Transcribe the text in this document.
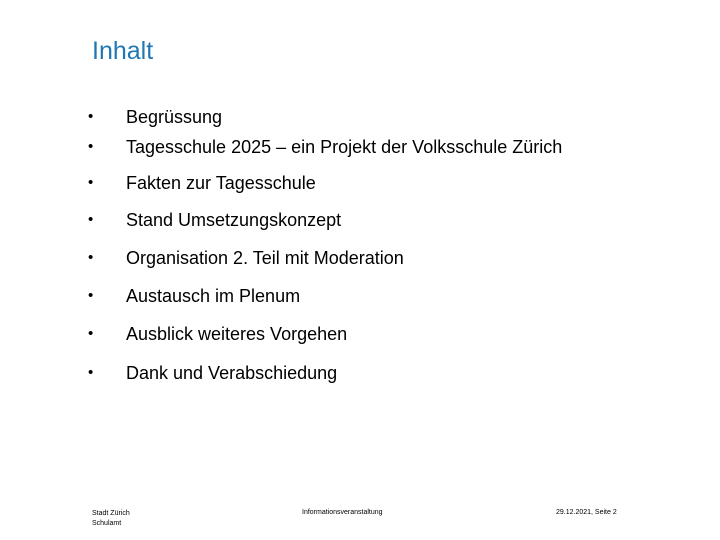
Inhalt
•	Begrüssung
•	Tagesschule 2025 – ein Projekt der Volksschule Zürich
•	Fakten zur Tagesschule
•	Stand Umsetzungskonzept
•	Organisation 2. Teil mit Moderation
•	Austausch im Plenum
•	Ausblick weiteres Vorgehen
•	Dank und Verabschiedung
Stadt Zürich
Schulamt
Informationsveranstaltung	29.12.2021, Seite 2
